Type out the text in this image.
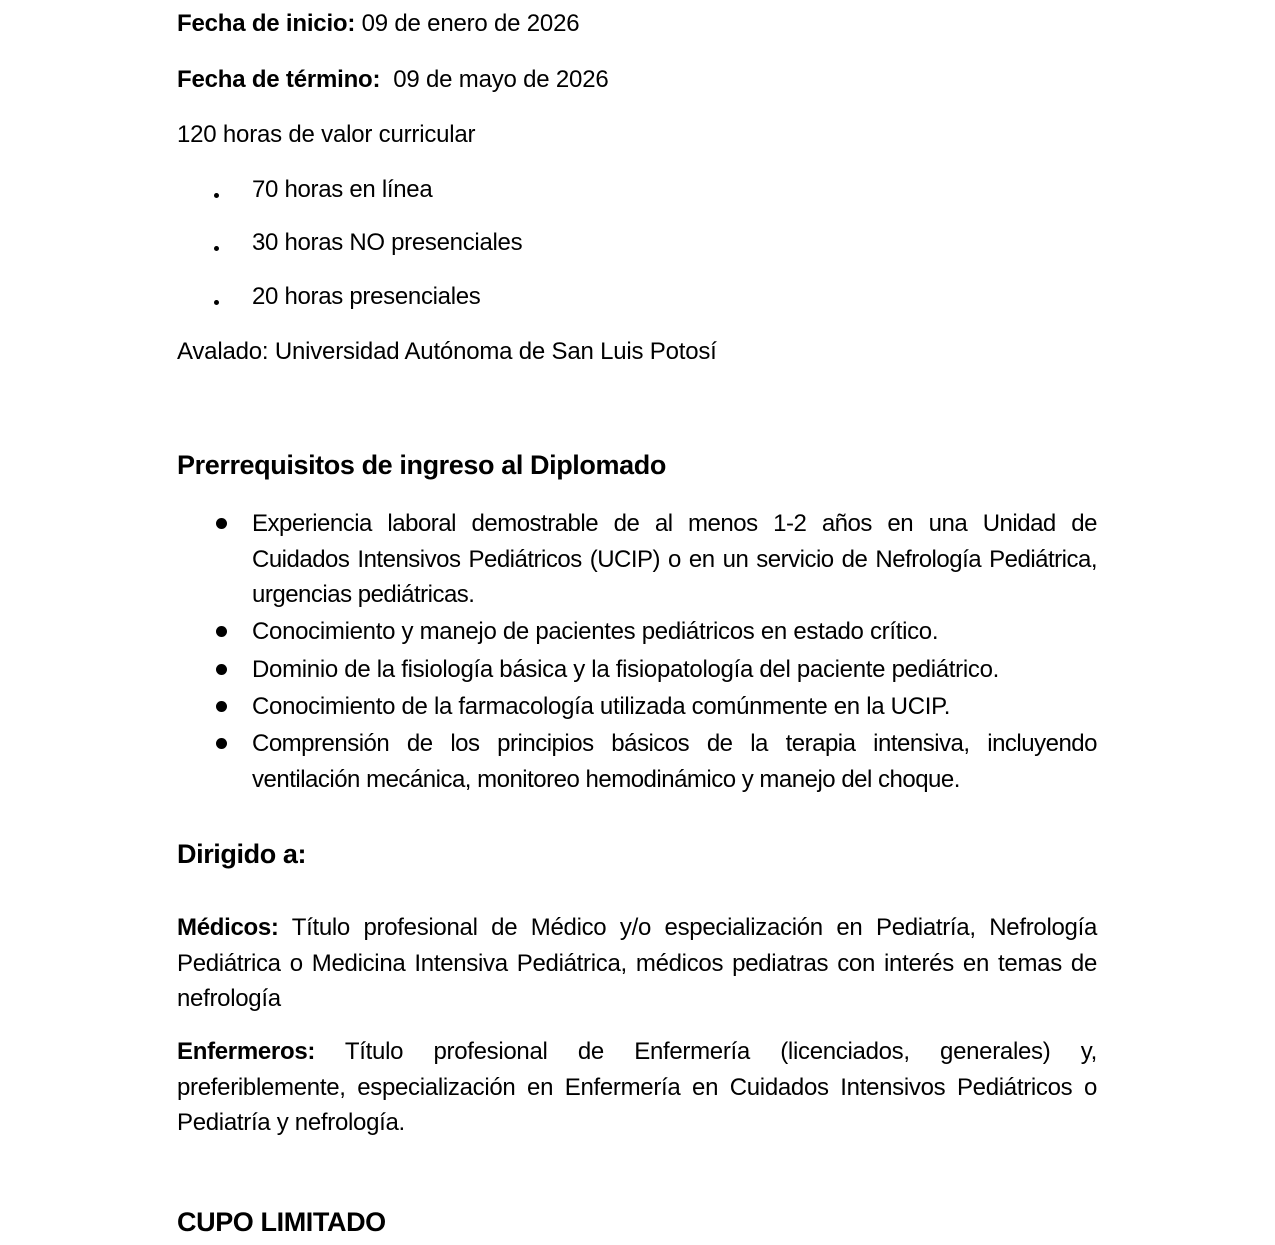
Fecha de inicio: 09 de enero de 2026
Fecha de término:  09 de mayo de 2026
120 horas de valor curricular
70 horas en línea
30 horas NO presenciales
20 horas presenciales
Avalado: Universidad Autónoma de San Luis Potosí
Prerrequisitos de ingreso al Diplomado
Experiencia laboral demostrable de al menos 1-2 años en una Unidad de Cuidados Intensivos Pediátricos (UCIP) o en un servicio de Nefrología Pediátrica, urgencias pediátricas.
Conocimiento y manejo de pacientes pediátricos en estado crítico.
Dominio de la fisiología básica y la fisiopatología del paciente pediátrico.
Conocimiento de la farmacología utilizada comúnmente en la UCIP.
Comprensión de los principios básicos de la terapia intensiva, incluyendo ventilación mecánica, monitoreo hemodinámico y manejo del choque.
Dirigido a:
Médicos: Título profesional de Médico y/o especialización en Pediatría, Nefrología Pediátrica o Medicina Intensiva Pediátrica, médicos pediatras con interés en temas de nefrología
Enfermeros: Título profesional de Enfermería (licenciados, generales) y, preferiblemente, especialización en Enfermería en Cuidados Intensivos Pediátricos o Pediatría y nefrología.
CUPO LIMITADO
